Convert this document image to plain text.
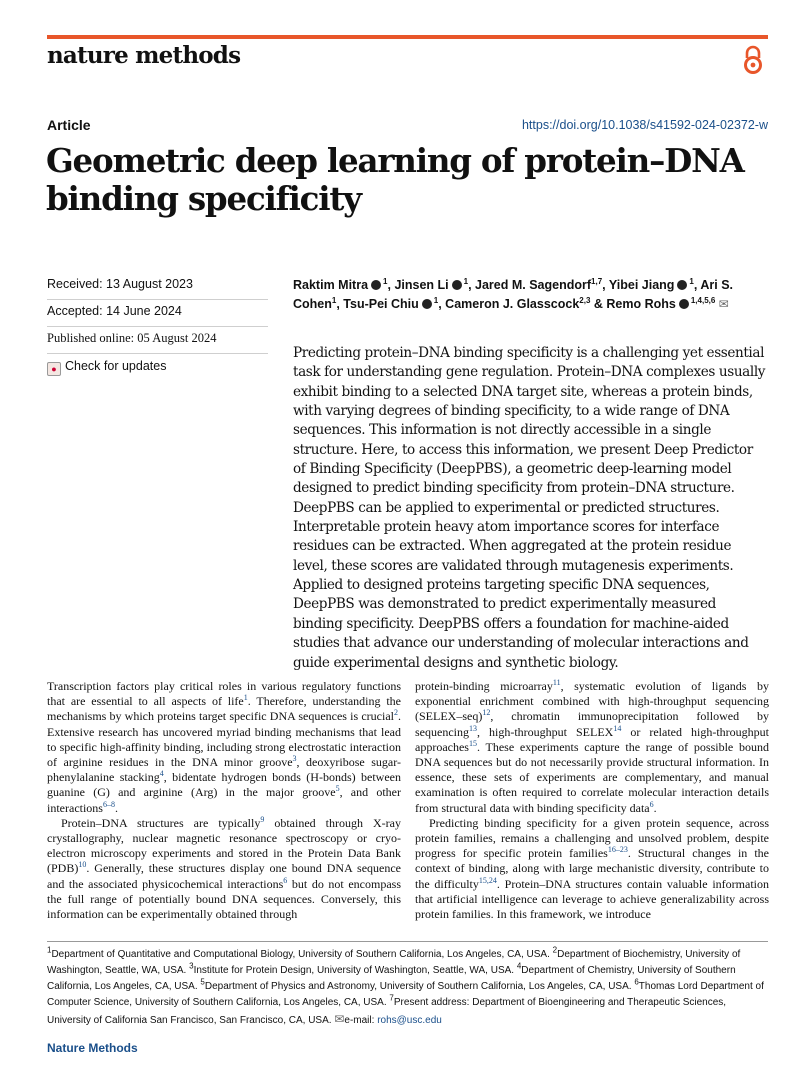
nature methods
Article	https://doi.org/10.1038/s41592-024-02372-w
Geometric deep learning of protein–DNA binding specificity
Received: 13 August 2023
Accepted: 14 June 2024
Published online: 05 August 2024
● Check for updates
Raktim Mitra $^1$, Jinsen Li $^1$, Jared M. Sagendorf$^{1,7}$, Yibei Jiang $^1$, Ari S. Cohen$^1$, Tsu-Pei Chiu $^1$, Cameron J. Glasscock$^{2,3}$ & Remo Rohs $^{1,4,5,6}$ ✉

Predicting protein–DNA binding specificity is a challenging yet essential task for understanding gene regulation. Protein–DNA complexes usually exhibit binding to a selected DNA target site, whereas a protein binds, with varying degrees of binding specificity, to a wide range of DNA sequences. This information is not directly accessible in a single structure. Here, to access this information, we present Deep Predictor of Binding Specificity (DeepPBS), a geometric deep-learning model designed to predict binding specificity from protein–DNA structure. DeepPBS can be applied to experimental or predicted structures. Interpretable protein heavy atom importance scores for interface residues can be extracted. When aggregated at the protein residue level, these scores are validated through mutagenesis experiments. Applied to designed proteins targeting specific DNA sequences, DeepPBS was demonstrated to predict experimentally measured binding specificity. DeepPBS offers a foundation for machine-aided studies that advance our understanding of molecular interactions and guide experimental designs and synthetic biology.

Transcription factors play critical roles in various regulatory functions that are essential to all aspects of life$^1$. Therefore, understanding the mechanisms by which proteins target specific DNA sequences is crucial$^2$. Extensive research has uncovered myriad binding mechanisms that lead to specific high-affinity binding, including strong electrostatic interaction of arginine residues in the DNA minor groove$^3$, deoxyribose sugar-phenylalanine stacking$^4$, bidentate hydrogen bonds (H-bonds) between guanine (G) and arginine (Arg) in the major groove$^5$, and other interactions$^{6-8}$.

Protein–DNA structures are typically$^9$ obtained through X-ray crystallography, nuclear magnetic resonance spectroscopy or cryo-electron microscopy experiments and stored in the Protein Data Bank (PDB)$^{10}$. Generally, these structures display one bound DNA sequence and the associated physicochemical interactions$^6$ but do not encompass the full range of potentially bound DNA sequences. Conversely, this information can be experimentally obtained through

protein-binding microarray$^{11}$, systematic evolution of ligands by exponential enrichment combined with high-throughput sequencing (SELEX–seq)$^{12}$, chromatin immunoprecipitation followed by sequencing$^{13}$, high-throughput SELEX$^{14}$ or related high-throughput approaches$^{15}$. These experiments capture the range of possible bound DNA sequences but do not necessarily provide structural information. In essence, these sets of experiments are complementary, and manual examination is often required to correlate molecular interaction details from structural data with binding specificity data$^6$.

Predicting binding specificity for a given protein sequence, across protein families, remains a challenging and unsolved problem, despite progress for specific protein families$^{16-23}$. Structural changes in the context of binding, along with large mechanistic diversity, contribute to the difficulty$^{15,24}$. Protein–DNA structures contain valuable information that artificial intelligence can leverage to achieve generalizability across protein families. In this framework, we introduce

$^1$Department of Quantitative and Computational Biology, University of Southern California, Los Angeles, CA, USA. $^2$Department of Biochemistry, University of Washington, Seattle, WA, USA. $^3$Institute for Protein Design, University of Washington, Seattle, WA, USA. $^4$Department of Chemistry, University of Southern California, Los Angeles, CA, USA. $^5$Department of Physics and Astronomy, University of Southern California, Los Angeles, CA, USA. $^6$Thomas Lord Department of Computer Science, University of Southern California, Los Angeles, CA, USA. $^7$Present address: Department of Bioengineering and Therapeutic Sciences, University of California San Francisco, San Francisco, CA, USA. ✉e-mail: rohs@usc.edu

Nature Methods
